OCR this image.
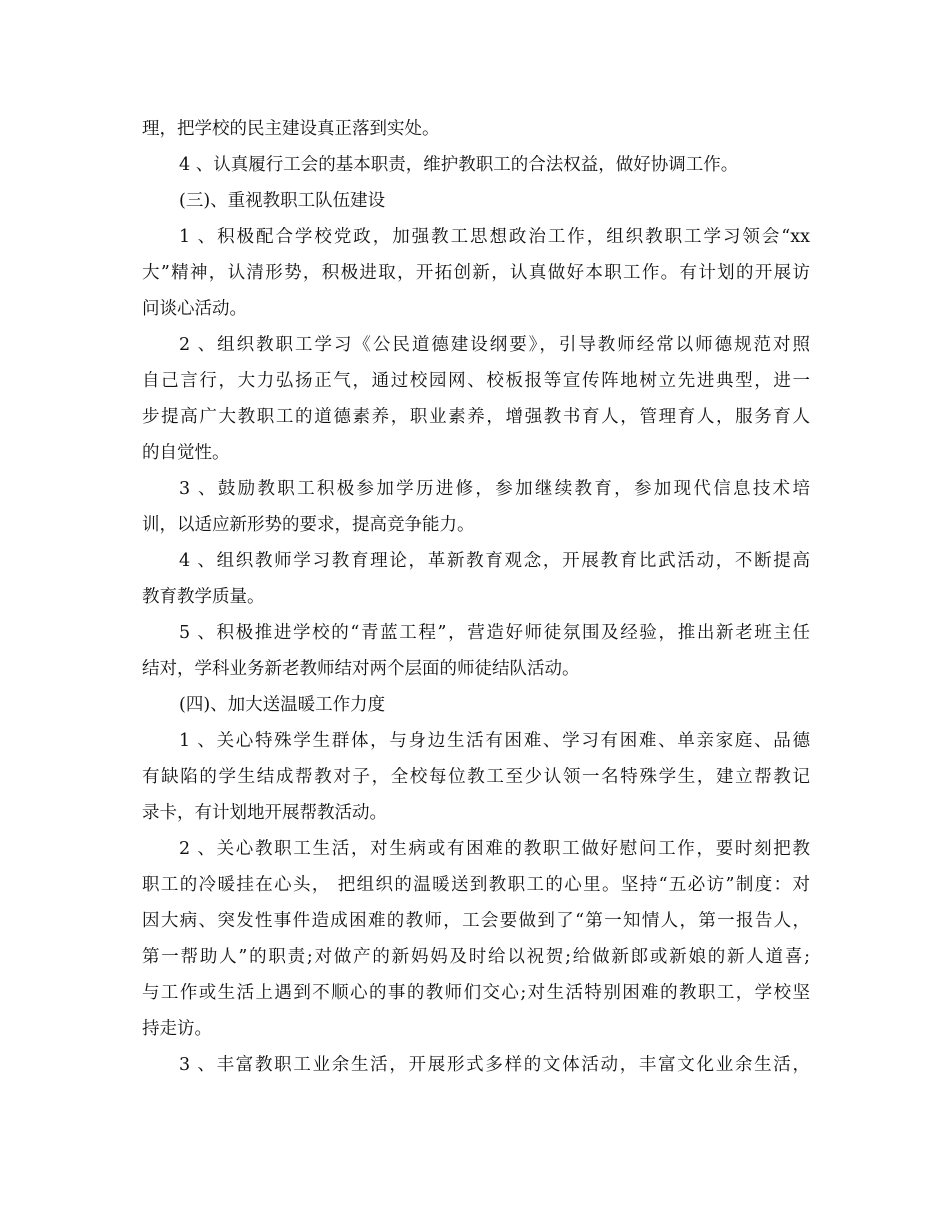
理，把学校的民主建设真正落到实处。
4 、认真履行工会的基本职责，维护教职工的合法权益，做好协调工作。
(三)、重视教职工队伍建设
1 、积极配合学校党政，加强教工思想政治工作，组织教职工学习领会“xx
大”精神，认清形势，积极进取，开拓创新，认真做好本职工作。有计划的开展访
问谈心活动。
2 、组织教职工学习《公民道德建设纲要》，引导教师经常以师德规范对照
自己言行，大力弘扬正气，通过校园网、校板报等宣传阵地树立先进典型，进一
步提高广大教职工的道德素养，职业素养，增强教书育人，管理育人，服务育人
的自觉性。
3 、鼓励教职工积极参加学历进修，参加继续教育，参加现代信息技术培
训，以适应新形势的要求，提高竞争能力。
4 、组织教师学习教育理论，革新教育观念，开展教育比武活动，不断提高
教育教学质量。
5 、积极推进学校的“青蓝工程”，营造好师徒氛围及经验，推出新老班主任
结对，学科业务新老教师结对两个层面的师徒结队活动。
(四)、加大送温暖工作力度
1 、关心特殊学生群体，与身边生活有困难、学习有困难、单亲家庭、品德
有缺陷的学生结成帮教对子，全校每位教工至少认领一名特殊学生，建立帮教记
录卡，有计划地开展帮教活动。
2 、关心教职工生活，对生病或有困难的教职工做好慰问工作，要时刻把教
职工的冷暖挂在心头， 把组织的温暖送到教职工的心里。坚持“五必访”制度：对
因大病、突发性事件造成困难的教师，工会要做到了“第一知情人，第一报告人，
第一帮助人”的职责;对做产的新妈妈及时给以祝贺;给做新郎或新娘的新人道喜;
与工作或生活上遇到不顺心的事的教师们交心;对生活特别困难的教职工，学校坚
持走访。
3 、丰富教职工业余生活，开展形式多样的文体活动，丰富文化业余生活，
